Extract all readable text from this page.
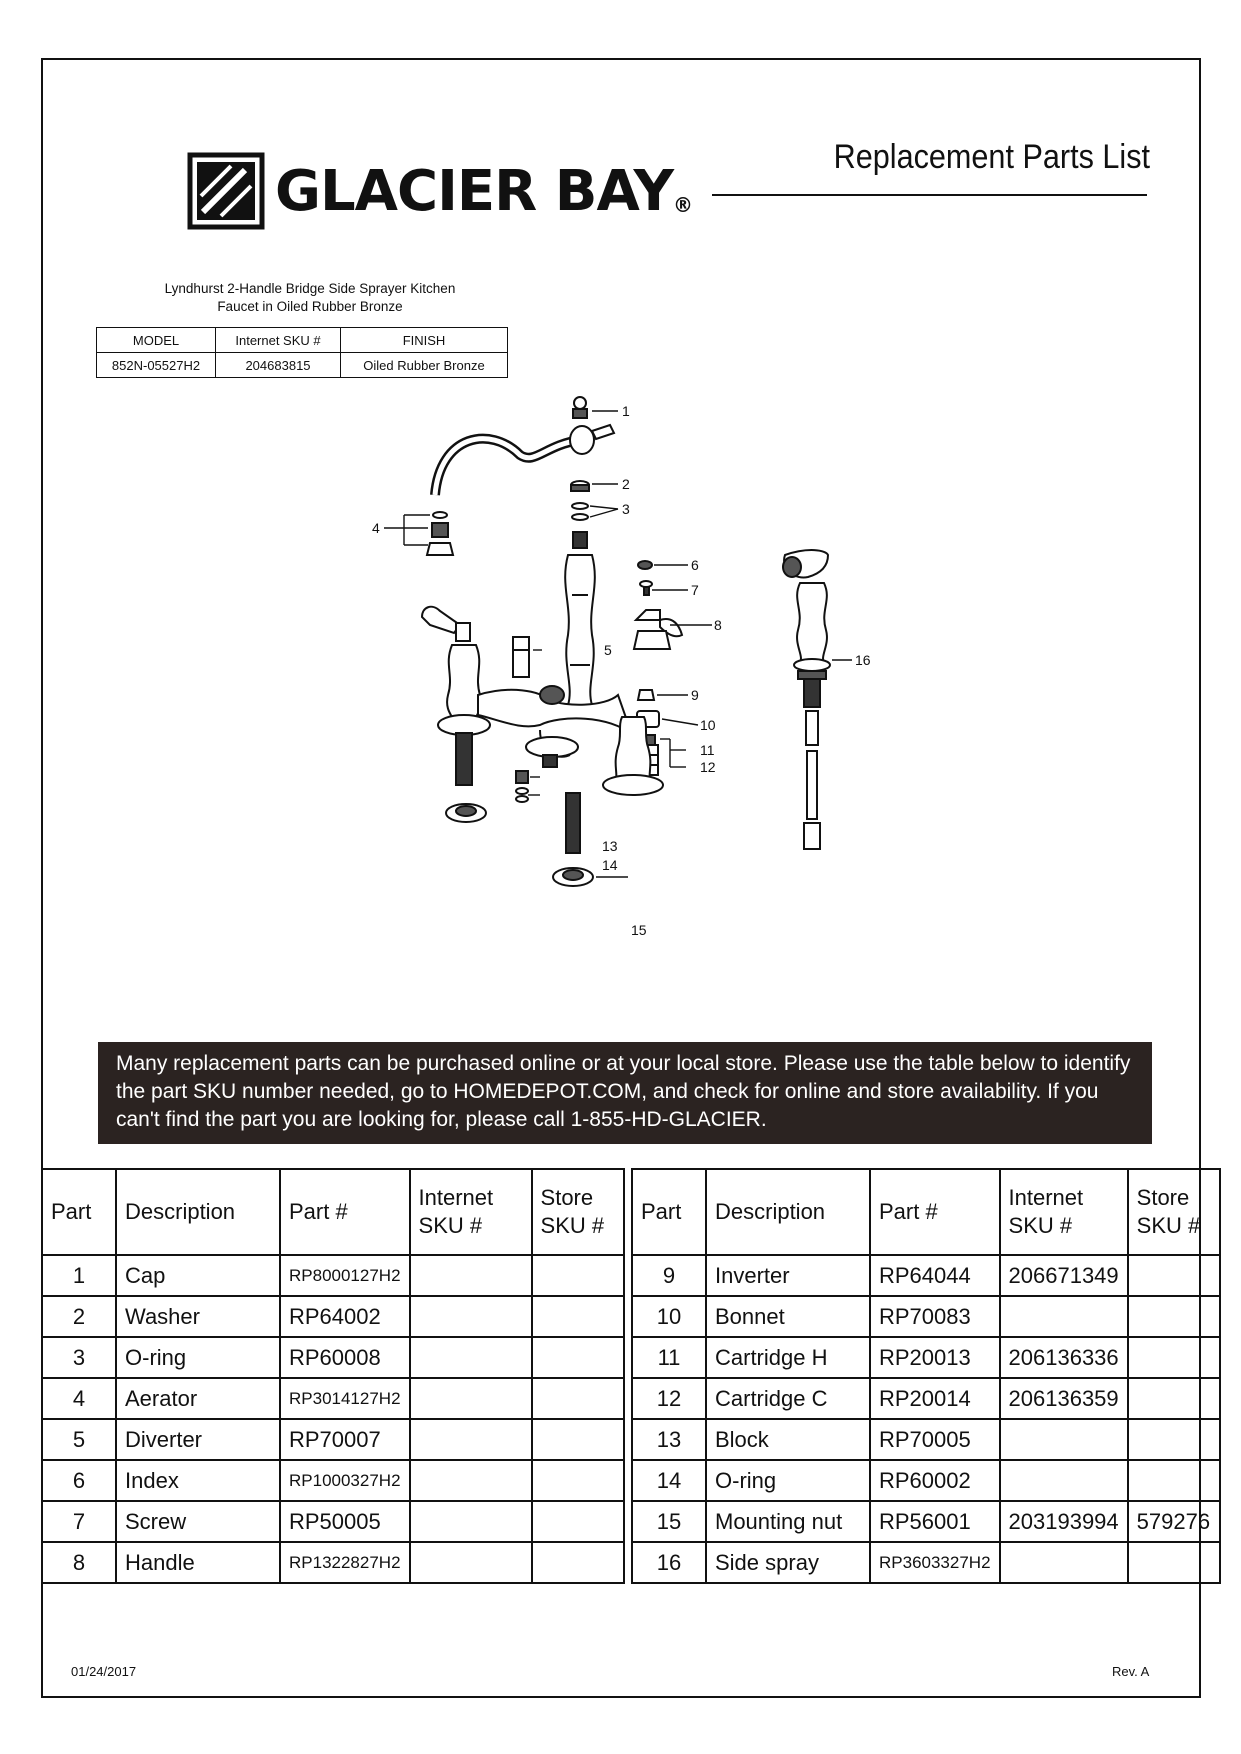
GLACIER BAY®
Replacement Parts List
Lyndhurst 2-Handle Bridge Side Sprayer Kitchen
Faucet in Oiled Rubber Bronze
MODEL	Internet SKU #	FINISH
852N-05527H2	204683815	Oiled Rubber Bronze
1
2
3
4
5
6
7
8
9
10
11
12
13
14
15
16
Many replacement parts can be purchased online or at your local store. Please use the table below to identify the part SKU number needed, go to HOMEDEPOT.COM, and check for online and store availability. If you can't find the part you are looking for, please call 1-855-HD-GLACIER.
Part	Description	Part #	Internet SKU #	Store SKU #
1	Cap	RP8000127H2		
2	Washer	RP64002		
3	O-ring	RP60008		
4	Aerator	RP3014127H2		
5	Diverter	RP70007		
6	Index	RP1000327H2		
7	Screw	RP50005		
8	Handle	RP1322827H2		
Part	Description	Part #	Internet SKU #	Store SKU #
9	Inverter	RP64044	206671349	
10	Bonnet	RP70083		
11	Cartridge H	RP20013	206136336	
12	Cartridge C	RP20014	206136359	
13	Block	RP70005		
14	O-ring	RP60002		
15	Mounting nut	RP56001	203193994	579276
16	Side spray	RP3603327H2		
01/24/2017	Rev. A
